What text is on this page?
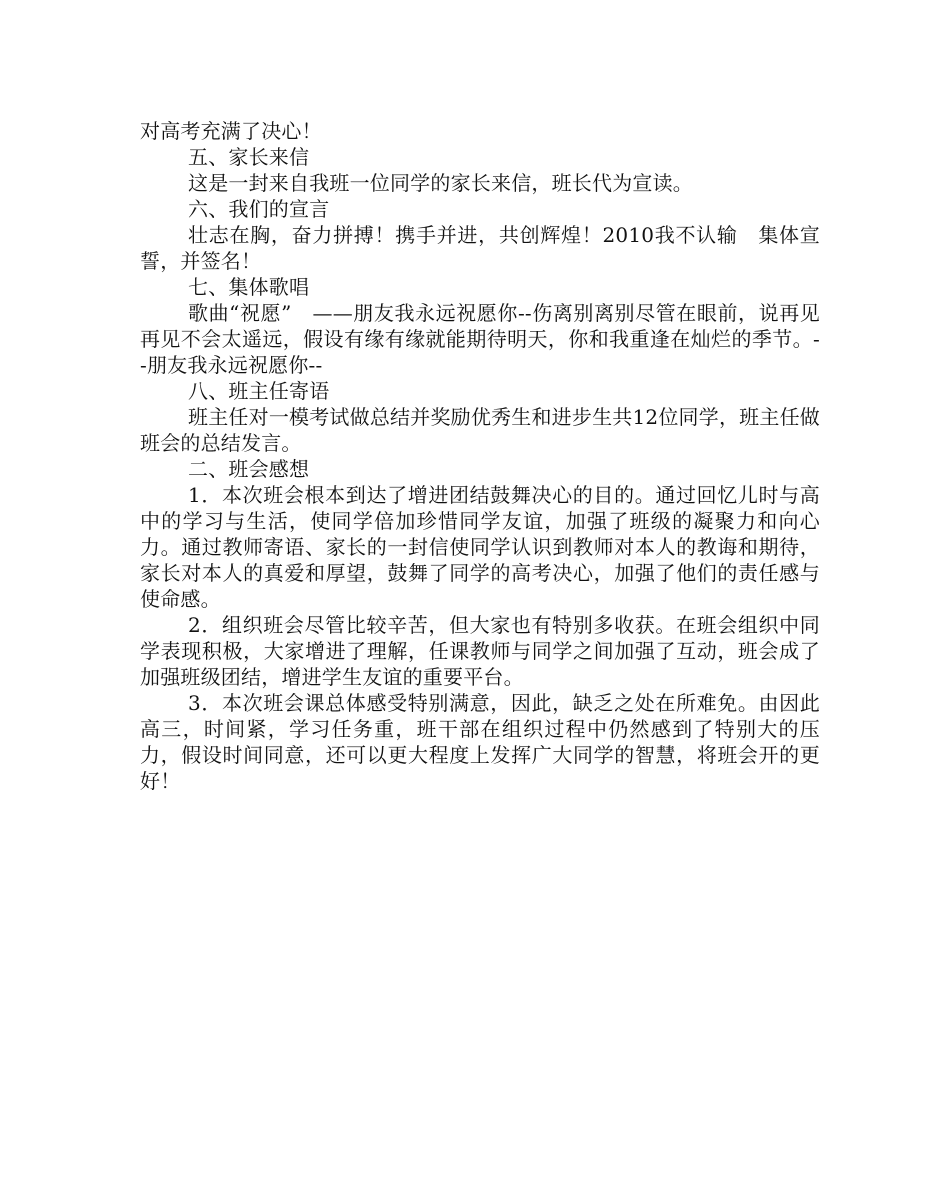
对高考充满了决心！

五、家长来信

这是一封来自我班一位同学的家长来信，班长代为宣读。

六、我们的宣言

壮志在胸，奋力拼搏！携手并进，共创辉煌！2010我不认输　集体宣誓，并签名！

七、集体歌唱

歌曲“祝愿”　——朋友我永远祝愿你--伤离别离别尽管在眼前，说再见再见不会太遥远，假设有缘有缘就能期待明天，你和我重逢在灿烂的季节。--朋友我永远祝愿你--

八、班主任寄语

班主任对一模考试做总结并奖励优秀生和进步生共12位同学，班主任做班会的总结发言。

二、班会感想

1．本次班会根本到达了增进团结鼓舞决心的目的。通过回忆儿时与高中的学习与生活，使同学倍加珍惜同学友谊，加强了班级的凝聚力和向心力。通过教师寄语、家长的一封信使同学认识到教师对本人的教诲和期待，家长对本人的真爱和厚望，鼓舞了同学的高考决心，加强了他们的责任感与使命感。

2．组织班会尽管比较辛苦，但大家也有特别多收获。在班会组织中同学表现积极，大家增进了理解，任课教师与同学之间加强了互动，班会成了加强班级团结，增进学生友谊的重要平台。

3．本次班会课总体感受特别满意，因此，缺乏之处在所难免。由因此高三，时间紧，学习任务重，班干部在组织过程中仍然感到了特别大的压力，假设时间同意，还可以更大程度上发挥广大同学的智慧，将班会开的更好！
